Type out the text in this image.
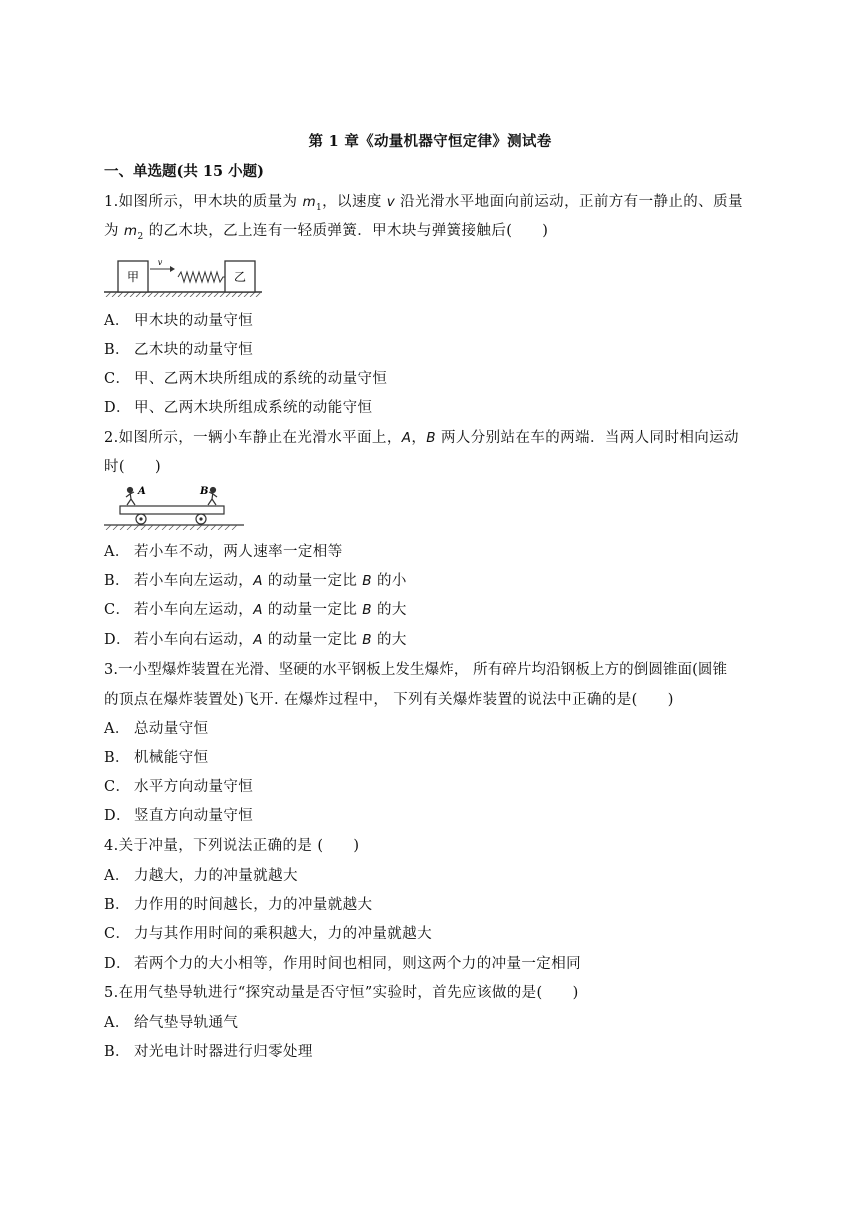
第 1 章《动量机器守恒定律》测试卷
一、单选题(共 15 小题)
1.如图所示，甲木块的质量为 $m_1$，以速度 v 沿光滑水平地面向前运动，正前方有一静止的、质量
为 $m_2$ 的乙木块，乙上连有一轻质弹簧．甲木块与弹簧接触后( )
甲
v
乙
A． 甲木块的动量守恒
B． 乙木块的动量守恒
C． 甲、乙两木块所组成的系统的动量守恒
D． 甲、乙两木块所组成系统的动能守恒
2.如图所示，一辆小车静止在光滑水平面上，A，B 两人分别站在车的两端．当两人同时相向运动
时( )
A	B
A． 若小车不动，两人速率一定相等
B． 若小车向左运动，A 的动量一定比 B 的小
C． 若小车向左运动，A 的动量一定比 B 的大
D． 若小车向右运动，A 的动量一定比 B 的大
3.一小型爆炸装置在光滑、坚硬的水平钢板上发生爆炸， 所有碎片均沿钢板上方的倒圆锥面(圆锥
的顶点在爆炸装置处)飞开. 在爆炸过程中， 下列有关爆炸装置的说法中正确的是( )
A． 总动量守恒
B． 机械能守恒
C． 水平方向动量守恒
D． 竖直方向动量守恒
4.关于冲量，下列说法正确的是 ( )
A． 力越大，力的冲量就越大
B． 力作用的时间越长，力的冲量就越大
C． 力与其作用时间的乘积越大，力的冲量就越大
D． 若两个力的大小相等，作用时间也相同，则这两个力的冲量一定相同
5.在用气垫导轨进行“探究动量是否守恒”实验时，首先应该做的是( )
A． 给气垫导轨通气
B． 对光电计时器进行归零处理
